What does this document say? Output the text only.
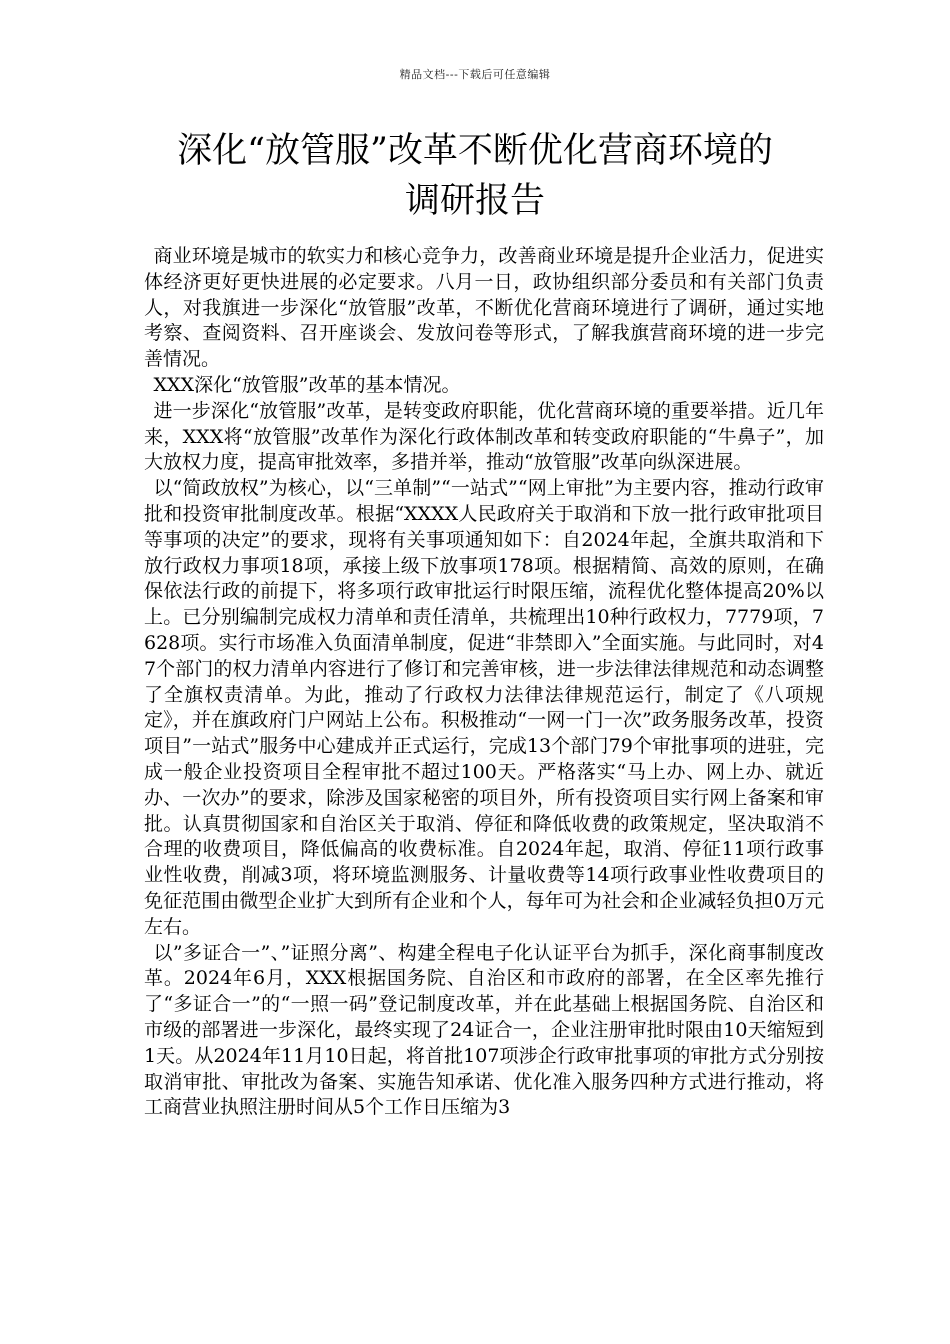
精品文档---下载后可任意编辑
深化“放管服”改革不断优化营商环境的
调研报告

商业环境是城市的软实力和核心竞争力，改善商业环境是提升企业活力，促进实体经济更好更快进展的必定要求。八月一日，政协组织部分委员和有关部门负责人，对我旗进一步深化“放管服”改革，不断优化营商环境进行了调研，通过实地考察、查阅资料、召开座谈会、发放问卷等形式，了解我旗营商环境的进一步完善情况。

XXX深化“放管服”改革的基本情况。

进一步深化“放管服”改革，是转变政府职能，优化营商环境的重要举措。近几年来，XXX将“放管服”改革作为深化行政体制改革和转变政府职能的“牛鼻子”，加大放权力度，提高审批效率，多措并举，推动“放管服”改革向纵深进展。

以“简政放权”为核心，以“三单制”“一站式”“网上审批”为主要内容，推动行政审批和投资审批制度改革。根据“XXXX人民政府关于取消和下放一批行政审批项目等事项的决定”的要求，现将有关事项通知如下：自2024年起，全旗共取消和下放行政权力事项18项，承接上级下放事项178项。根据精简、高效的原则，在确保依法行政的前提下，将多项行政审批运行时限压缩，流程优化整体提高20%以上。已分别编制完成权力清单和责任清单，共梳理出10种行政权力，7779项，7628项。实行市场准入负面清单制度，促进“非禁即入”全面实施。与此同时，对47个部门的权力清单内容进行了修订和完善审核，进一步法律法律规范和动态调整了全旗权责清单。为此，推动了行政权力法律法律规范运行，制定了《八项规定》，并在旗政府门户网站上公布。积极推动“一网一门一次”政务服务改革，投资项目”一站式”服务中心建成并正式运行，完成13个部门79个审批事项的进驻，完成一般企业投资项目全程审批不超过100天。严格落实“马上办、网上办、就近办、一次办”的要求，除涉及国家秘密的项目外，所有投资项目实行网上备案和审批。认真贯彻国家和自治区关于取消、停征和降低收费的政策规定，坚决取消不合理的收费项目，降低偏高的收费标准。自2024年起，取消、停征11项行政事业性收费，削减3项，将环境监测服务、计量收费等14项行政事业性收费项目的免征范围由微型企业扩大到所有企业和个人，每年可为社会和企业减轻负担0万元左右。

以”多证合一”、”证照分离”、构建全程电子化认证平台为抓手，深化商事制度改革。2024年6月，XXX根据国务院、自治区和市政府的部署，在全区率先推行了“多证合一”的“一照一码”登记制度改革，并在此基础上根据国务院、自治区和市级的部署进一步深化，最终实现了24证合一，企业注册审批时限由10天缩短到1天。从2024年11月10日起，将首批107项涉企行政审批事项的审批方式分别按取消审批、审批改为备案、实施告知承诺、优化准入服务四种方式进行推动，将工商营业执照注册时间从5个工作日压缩为3
